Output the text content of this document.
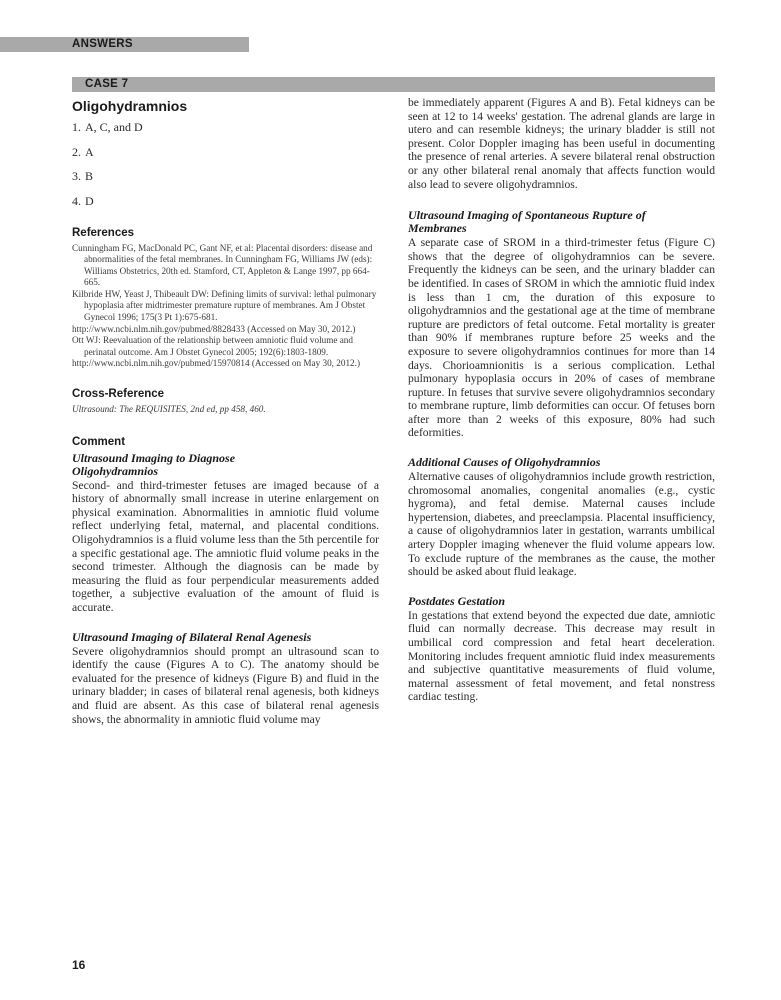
ANSWERS
CASE 7
Oligohydramnios
1. A, C, and D
2. A
3. B
4. D
References

Cunningham FG, MacDonald PC, Gant NF, et al: Placental disorders: disease and abnormalities of the fetal membranes. In Cunningham FG, Williams JW (eds): Williams Obstetrics, 20th ed. Stamford, CT, Appleton & Lange 1997, pp 664-665.

Kilbride HW, Yeast J, Thibeault DW: Defining limits of survival: lethal pulmonary hypoplasia after midtrimester premature rupture of membranes. Am J Obstet Gynecol 1996; 175(3 Pt 1):675-681.

http://www.ncbi.nlm.nih.gov/pubmed/8828433 (Accessed on May 30, 2012.)

Ott WJ: Reevaluation of the relationship between amniotic fluid volume and perinatal outcome. Am J Obstet Gynecol 2005; 192(6):1803-1809.

http://www.ncbi.nlm.nih.gov/pubmed/15970814 (Accessed on May 30, 2012.)

Cross-Reference

Ultrasound: The REQUISITES, 2nd ed, pp 458, 460.

Comment
Ultrasound Imaging to Diagnose Oligohydramnios

Second- and third-trimester fetuses are imaged because of a history of abnormally small increase in uterine enlargement on physical examination. Abnormalities in amniotic fluid volume reflect underlying fetal, maternal, and placental conditions. Oligohydramnios is a fluid volume less than the 5th percentile for a specific gestational age. The amniotic fluid volume peaks in the second trimester. Although the diagnosis can be made by measuring the fluid as four perpendicular measurements added together, a subjective evaluation of the amount of fluid is accurate.

Ultrasound Imaging of Bilateral Renal Agenesis

Severe oligohydramnios should prompt an ultrasound scan to identify the cause (Figures A to C). The anatomy should be evaluated for the presence of kidneys (Figure B) and fluid in the urinary bladder; in cases of bilateral renal agenesis, both kidneys and fluid are absent. As this case of bilateral renal agenesis shows, the abnormality in amniotic fluid volume may

be immediately apparent (Figures A and B). Fetal kidneys can be seen at 12 to 14 weeks' gestation. The adrenal glands are large in utero and can resemble kidneys; the urinary bladder is still not present. Color Doppler imaging has been useful in documenting the presence of renal arteries. A severe bilateral renal obstruction or any other bilateral renal anomaly that affects function would also lead to severe oligohydramnios.

Ultrasound Imaging of Spontaneous Rupture of Membranes

A separate case of SROM in a third-trimester fetus (Figure C) shows that the degree of oligohydramnios can be severe. Frequently the kidneys can be seen, and the urinary bladder can be identified. In cases of SROM in which the amniotic fluid index is less than 1 cm, the duration of this exposure to oligohydramnios and the gestational age at the time of membrane rupture are predictors of fetal outcome. Fetal mortality is greater than 90% if membranes rupture before 25 weeks and the exposure to severe oligohydramnios continues for more than 14 days. Chorioamnionitis is a serious complication. Lethal pulmonary hypoplasia occurs in 20% of cases of membrane rupture. In fetuses that survive severe oligohydramnios secondary to membrane rupture, limb deformities can occur. Of fetuses born after more than 2 weeks of this exposure, 80% had such deformities.

Additional Causes of Oligohydramnios

Alternative causes of oligohydramnios include growth restriction, chromosomal anomalies, congenital anomalies (e.g., cystic hygroma), and fetal demise. Maternal causes include hypertension, diabetes, and preeclampsia. Placental insufficiency, a cause of oligohydramnios later in gestation, warrants umbilical artery Doppler imaging whenever the fluid volume appears low. To exclude rupture of the membranes as the cause, the mother should be asked about fluid leakage.

Postdates Gestation

In gestations that extend beyond the expected due date, amniotic fluid can normally decrease. This decrease may result in umbilical cord compression and fetal heart deceleration. Monitoring includes frequent amniotic fluid index measurements and subjective quantitative measurements of fluid volume, maternal assessment of fetal movement, and fetal nonstress cardiac testing.

16
